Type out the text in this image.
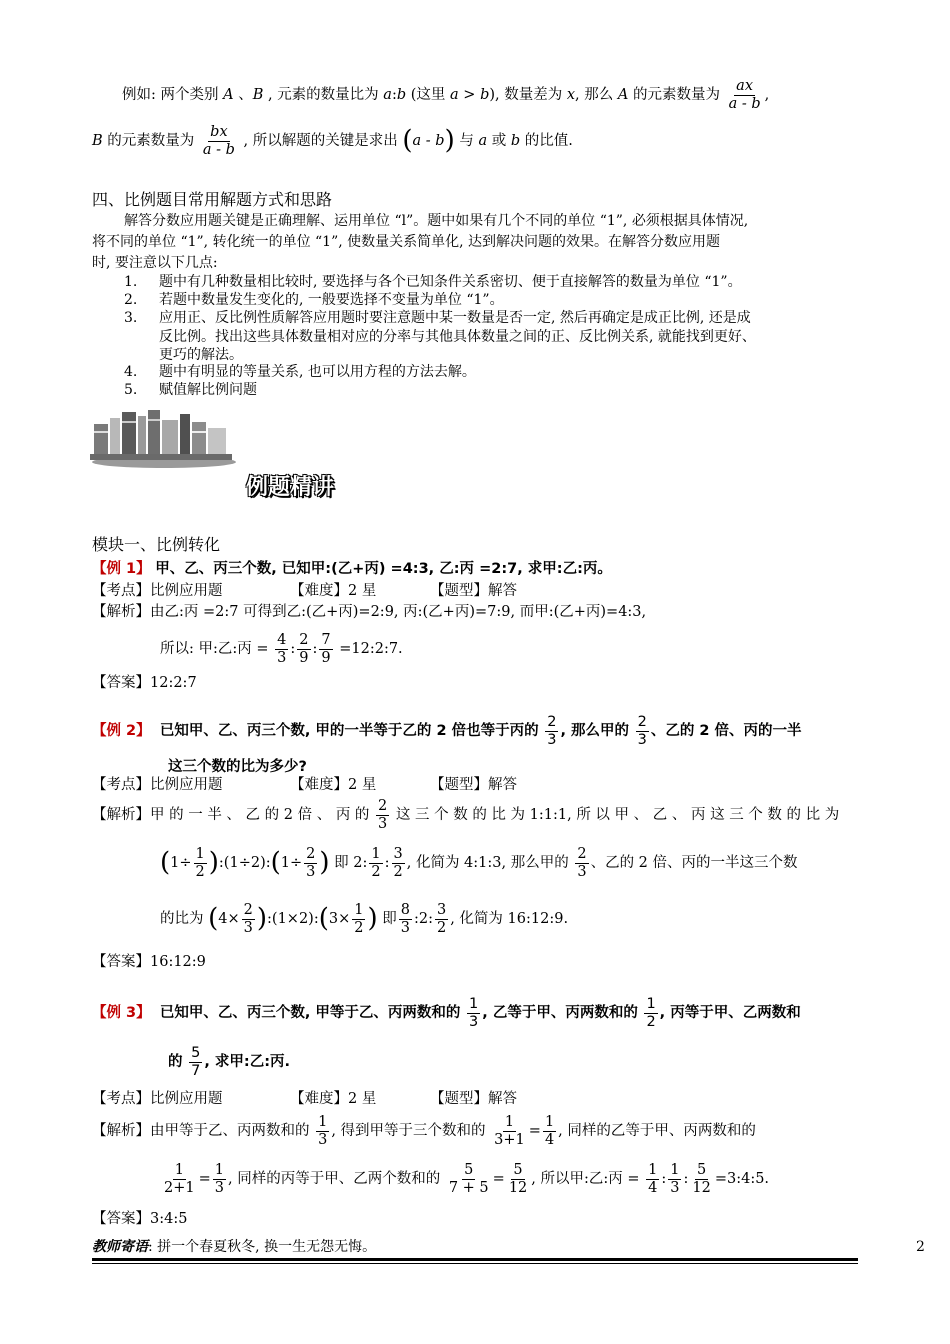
例如: 两个类别 A 、B , 元素的数量比为 a:b (这里 a > b), 数量差为 x, 那么 A 的元素数量为 $\frac{ax}{a - b}$ ,
B 的元素数量为 $\frac{bx}{a - b}$ , 所以解题的关键是求出 (a - b) 与 a 或 b 的比值.
四、比例题目常用解题方式和思路
解答分数应用题关键是正确理解、运用单位 “l”。题中如果有几个不同的单位 “1”, 必须根据具体情况,
将不同的单位 “1”, 转化统一的单位 “1”, 使数量关系简单化, 达到解决问题的效果。在解答分数应用题
时, 要注意以下几点:
1. 题中有几种数量相比较时, 要选择与各个已知条件关系密切、便于直接解答的数量为单位 “1”。
2. 若题中数量发生变化的, 一般要选择不变量为单位 “1”。
3. 应用正、反比例性质解答应用题时要注意题中某一数量是否一定, 然后再确定是成正比例, 还是成
反比例。找出这些具体数量相对应的分率与其他具体数量之间的正、反比例关系, 就能找到更好、
更巧的解法。
4. 题中有明显的等量关系, 也可以用方程的方法去解。
5. 赋值解比例问题
例题精讲
模块一、比例转化
【例 1】 甲、乙、丙三个数, 已知甲:(乙+丙) =4:3, 乙:丙 =2:7, 求甲:乙:丙。
【考点】比例应用题	【难度】2 星	【题型】解答
【解析】由乙:丙 =2:7 可得到乙:(乙+丙)=2:9, 丙:(乙+丙)=7:9, 而甲:(乙+丙)=4:3,
所以: 甲:乙:丙 = $\frac{4}{3}$ : $\frac{2}{9}$ : $\frac{7}{9}$ =12:2:7.
【答案】12:2:7
【例 2】 已知甲、乙、丙三个数, 甲的一半等于乙的 2 倍也等于丙的 $\frac{2}{3}$ , 那么甲的 $\frac{2}{3}$ 、乙的 2 倍、丙的一半
这三个数的比为多少?
【考点】比例应用题	【难度】2 星	【题型】解答
【解析】甲 的 一 半 、 乙 的 2 倍 、 丙 的 $\frac{2}{3}$ 这 三 个 数 的 比 为 1:1:1, 所 以 甲 、 乙 、 丙 这 三 个 数 的 比 为
($1\div \frac{1}{2}$ ):(1÷2):(1÷ $\frac{2}{3}$ ) 即 2: $\frac{1}{2}$ : $\frac{3}{2}$ , 化简为 4:1:3, 那么甲的 $\frac{2}{3}$ 、乙的 2 倍、丙的一半这三个数
的比为 ($4\times \frac{2}{3}$ ):(1×2):(3× $\frac{1}{2}$ ) 即 $\frac{8}{3}$ :2: $\frac{3}{2}$ , 化简为 16:12:9.
【答案】16:12:9
【例 3】 已知甲、乙、丙三个数, 甲等于乙、丙两数和的 $\frac{1}{3}$ , 乙等于甲、丙两数和的 $\frac{1}{2}$ , 丙等于甲、乙两数和
的 $\frac{5}{7}$ , 求甲:乙:丙.
【考点】比例应用题	【难度】2 星	【题型】解答
【解析】由甲等于乙、丙两数和的 $\frac{1}{3}$ , 得到甲等于三个数和的 $\frac{1}{3+1} = \frac{1}{4}$ , 同样的乙等于甲、丙两数和的
$\frac{1}{2+1} = \frac{1}{3}$ , 同样的丙等于甲、乙两个数和的 $\frac{5}{7 + 5} = \frac{5}{12}$ , 所以甲:乙:丙 = $\frac{1}{4}$ : $\frac{1}{3}$ : $\frac{5}{12}$ =3:4:5.
【答案】3:4:5
教师寄语: 拼一个春夏秋冬, 换一生无怨无悔。	2
